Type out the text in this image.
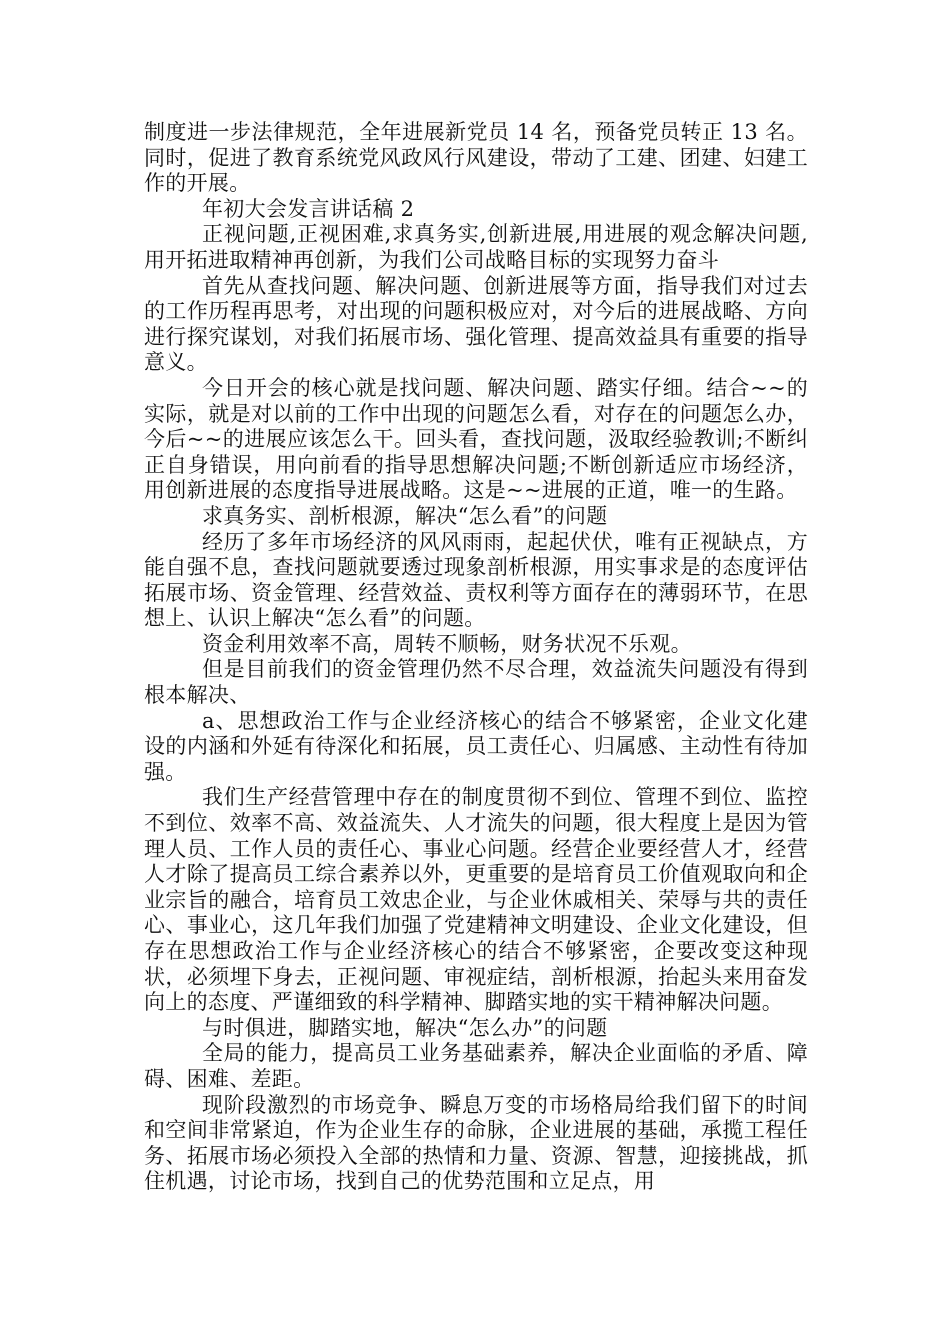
制度进一步法律规范，全年进展新党员 14 名，预备党员转正 13 名。同时，促进了教育系统党风政风行风建设，带动了工建、团建、妇建工作的开展。

年初大会发言讲话稿 2

正视问题,正视困难,求真务实,创新进展,用进展的观念解决问题,用开拓进取精神再创新，为我们公司战略目标的实现努力奋斗

首先从查找问题、解决问题、创新进展等方面，指导我们对过去的工作历程再思考，对出现的问题积极应对，对今后的进展战略、方向进行探究谋划，对我们拓展市场、强化管理、提高效益具有重要的指导意义。

今日开会的核心就是找问题、解决问题、踏实仔细。结合~~的实际，就是对以前的工作中出现的问题怎么看，对存在的问题怎么办，今后~~的进展应该怎么干。回头看，查找问题，汲取经验教训;不断纠正自身错误，用向前看的指导思想解决问题;不断创新适应市场经济，用创新进展的态度指导进展战略。这是~~进展的正道，唯一的生路。

求真务实、剖析根源，解决“怎么看”的问题

经历了多年市场经济的风风雨雨，起起伏伏，唯有正视缺点，方能自强不息，查找问题就要透过现象剖析根源，用实事求是的态度评估拓展市场、资金管理、经营效益、责权利等方面存在的薄弱环节，在思想上、认识上解决“怎么看”的问题。

资金利用效率不高，周转不顺畅，财务状况不乐观。

但是目前我们的资金管理仍然不尽合理，效益流失问题没有得到根本解决、

a、思想政治工作与企业经济核心的结合不够紧密，企业文化建设的内涵和外延有待深化和拓展，员工责任心、归属感、主动性有待加强。

我们生产经营管理中存在的制度贯彻不到位、管理不到位、监控不到位、效率不高、效益流失、人才流失的问题，很大程度上是因为管理人员、工作人员的责任心、事业心问题。经营企业要经营人才，经营人才除了提高员工综合素养以外，更重要的是培育员工价值观取向和企业宗旨的融合，培育员工效忠企业，与企业休戚相关、荣辱与共的责任心、事业心，这几年我们加强了党建精神文明建设、企业文化建设，但存在思想政治工作与企业经济核心的结合不够紧密，企要改变这种现状，必须埋下身去，正视问题、审视症结，剖析根源，抬起头来用奋发向上的态度、严谨细致的科学精神、脚踏实地的实干精神解决问题。

与时俱进，脚踏实地，解决“怎么办”的问题

全局的能力，提高员工业务基础素养，解决企业面临的矛盾、障碍、困难、差距。

现阶段激烈的市场竞争、瞬息万变的市场格局给我们留下的时间和空间非常紧迫，作为企业生存的命脉，企业进展的基础，承揽工程任务、拓展市场必须投入全部的热情和力量、资源、智慧，迎接挑战，抓住机遇，讨论市场，找到自己的优势范围和立足点，用
